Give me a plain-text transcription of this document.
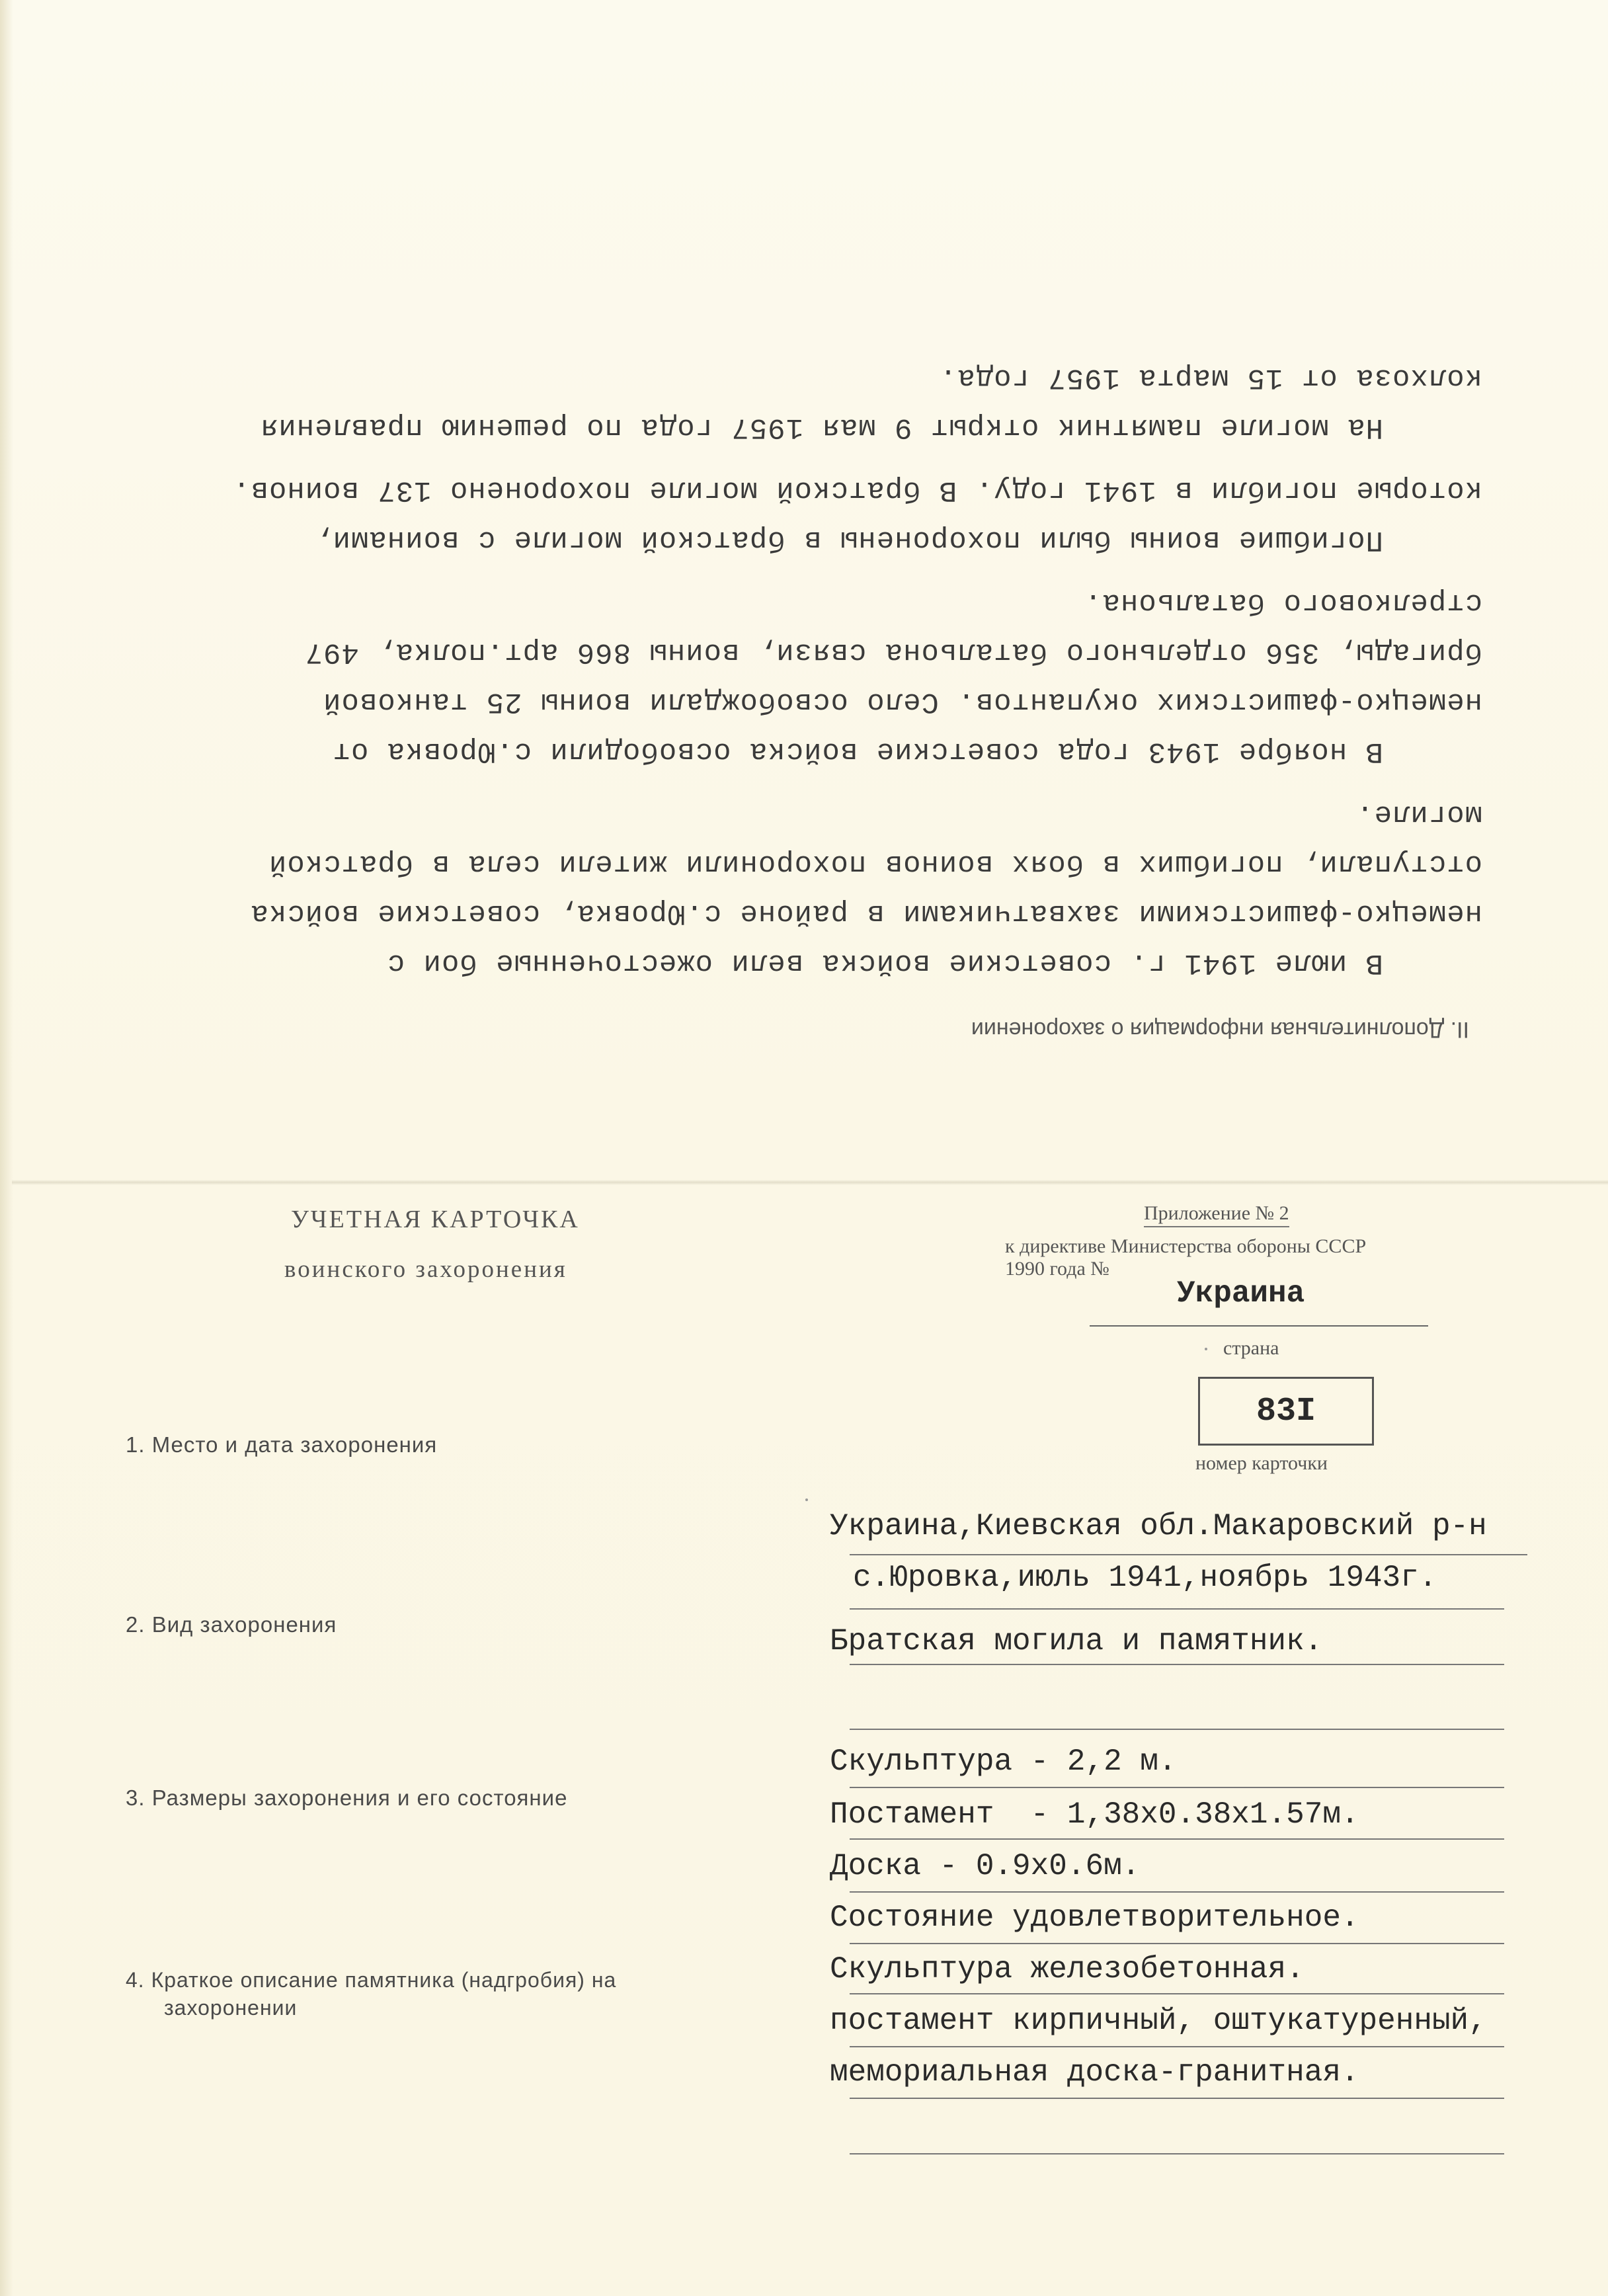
II. Дополнительная информация о захоронении
В июле 1941 г. советские войска вели ожесточенные бои с
немецко-фашистскими захватчиками в районе с.Юровка, советские войска
отступали, погибших в боях воинов похоронили жители села в братской
могиле.
В ноябре 1943 года советские войска освободили с.Юровка от
немецко-фашистских окупантов. Село освобождали воины 25 танковой
бригады, 356 отдельного батальона связи, воины 866 арт.полка, 497
стрелкового батальона.
Погибшие воины были похоронены в братской могиле с воинами,
которые погибли в 1941 году. В братской могиле похоронено 137 воинов.
На могиле памятник открыт 9 мая 1957 года по решению правления
колхоза от 15 марта 1957 года.
УЧЕТНАЯ КАРТОЧКА
воинского захоронения
Приложение № 2
к директиве Министерства обороны СССР
1990 года №
Украина
страна
83I
номер карточки
1. Место и дата захоронения
Украина,Киевская обл.Макаровский р-н
с.Юровка,июль 1941,ноябрь 1943г.
2. Вид захоронения	Братская могила и памятник.
3. Размеры захоронения и его состояние
Скульптура - 2,2 м.
Постамент  - 1,38x0.38x1.57м.
Доска - 0.9x0.6м.
Состояние удовлетворительное.
4. Краткое описание памятника (надгробия) на
захоронении
Скульптура железобетонная.
постамент кирпичный, оштукатуренный,
мемориальная доска-гранитная.
